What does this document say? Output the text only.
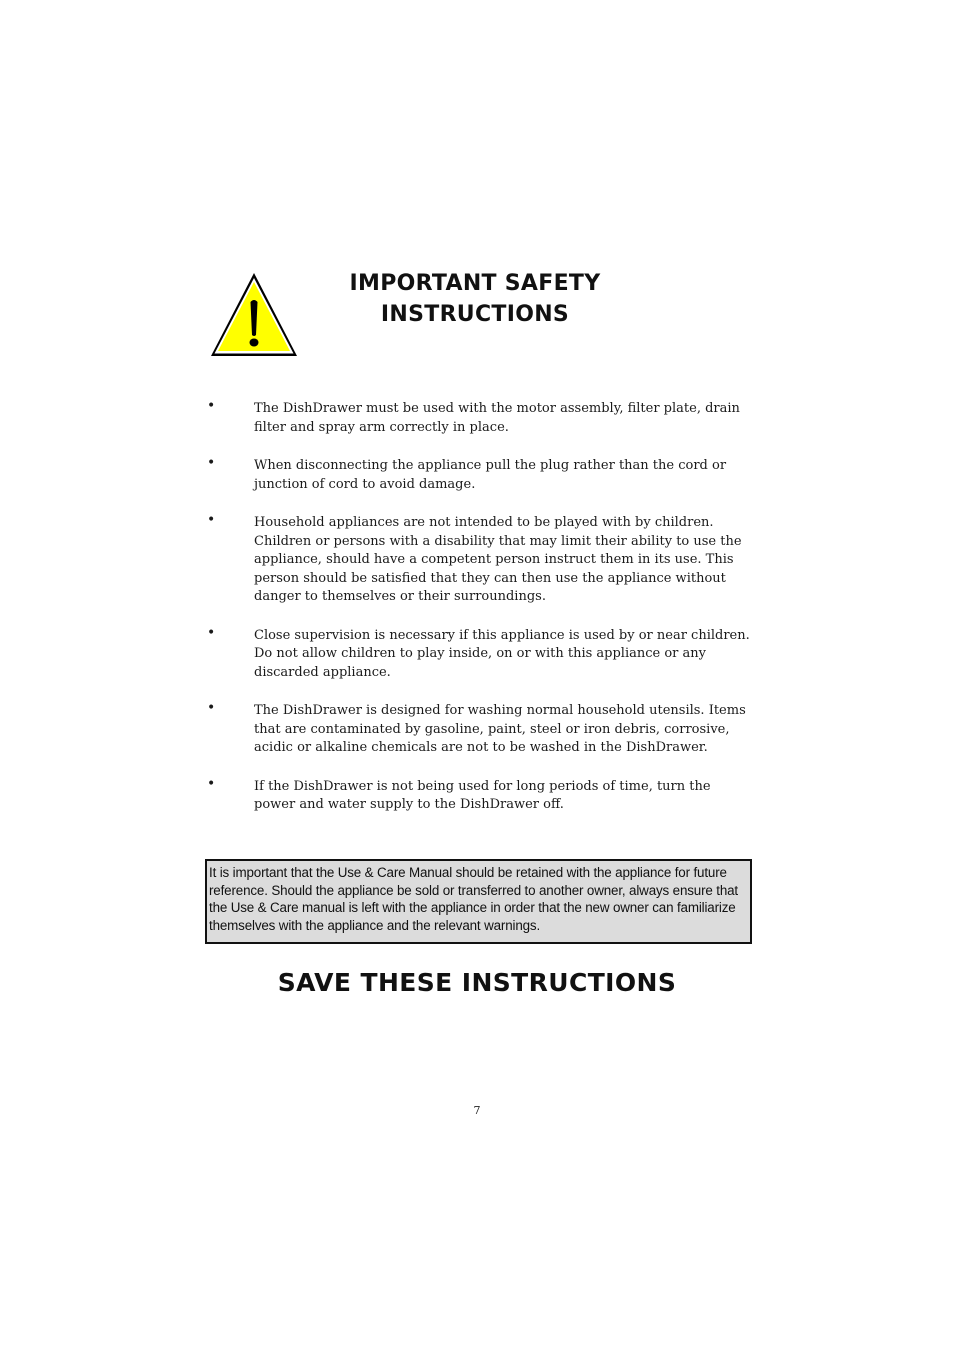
IMPORTANT SAFETY
INSTRUCTIONS
•	The DishDrawer must be used with the motor assembly, filter plate, drain filter and spray arm correctly in place.
•	When disconnecting the appliance pull the plug rather than the cord or junction of cord to avoid damage.
•	Household appliances are not intended to be played with by children. Children or persons with a disability that may limit their ability to use the appliance, should have a competent person instruct them in its use. This person should be satisfied that they can then use the appliance without danger to themselves or their surroundings.
•	Close supervision is necessary if this appliance is used by or near children. Do not allow children to play inside, on or with this appliance or any discarded appliance.
•	The DishDrawer is designed for washing normal household utensils. Items that are contaminated by gasoline, paint, steel or iron debris, corrosive, acidic or alkaline chemicals are not to be washed in the DishDrawer.
•	If the DishDrawer is not being used for long periods of time, turn the power and water supply to the DishDrawer off.
It is important that the Use & Care Manual should be retained with the appliance for future reference. Should the appliance be sold or transferred to another owner, always ensure that the Use & Care manual is left with the appliance in order that the new owner can familiarize themselves with the appliance and the relevant warnings.
SAVE THESE INSTRUCTIONS
7
